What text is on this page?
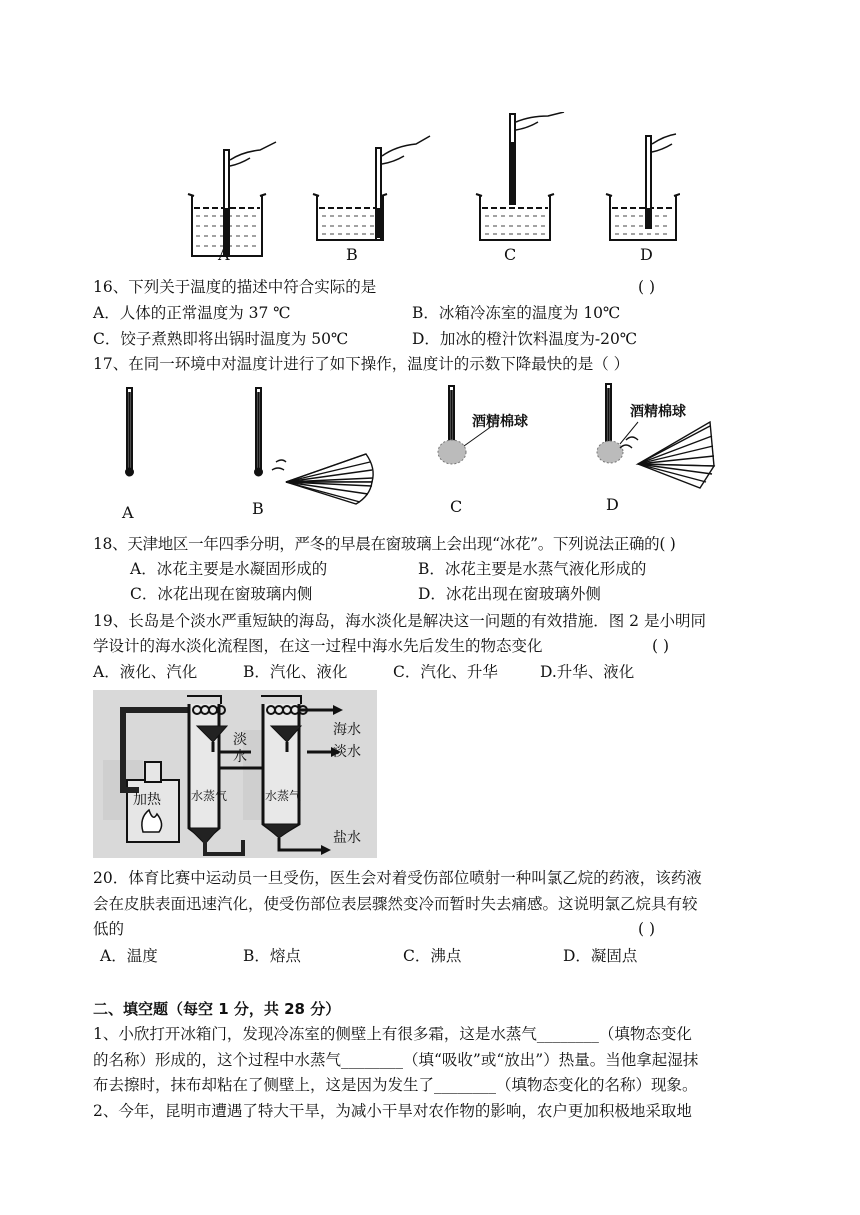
A	B	C	D
16、下列关于温度的描述中符合实际的是	( )
A．人体的正常温度为 37 ℃	B．冰箱冷冻室的温度为 10℃
C．饺子煮熟即将出锅时温度为 50℃	D．加冰的橙汁饮料温度为-20℃
17、在同一环境中对温度计进行了如下操作，温度计的示数下降最快的是（ ）
酒精棉球
酒精棉球
A	B	C	D
18、天津地区一年四季分明，严冬的早晨在窗玻璃上会出现“冰花”。下列说法正确的( )
A．冰花主要是水凝固形成的	B．冰花主要是水蒸气液化形成的
C．冰花出现在窗玻璃内侧	D．冰花出现在窗玻璃外侧
19、长岛是个淡水严重短缺的海岛，海水淡化是解决这一问题的有效措施．图 2 是小明同
学设计的海水淡化流程图，在这一过程中海水先后发生的物态变化	( )
A．液化、汽化	B．汽化、液化	C．汽化、升华	D.升华、液化
加热	水蒸气	水蒸气
淡水
海水
淡水
盐水
20．体育比赛中运动员一旦受伤，医生会对着受伤部位喷射一种叫氯乙烷的药液，该药液
会在皮肤表面迅速汽化，使受伤部位表层骤然变冷而暂时失去痛感。这说明氯乙烷具有较
低的	( )
A．温度	B．熔点	C．沸点	D．凝固点
二、填空题（每空 1 分，共 28 分）
1、小欣打开冰箱门，发现冷冻室的侧壁上有很多霜，这是水蒸气________（填物态变化
的名称）形成的，这个过程中水蒸气________（填“吸收”或“放出”）热量。当他拿起湿抹
布去擦时，抹布却粘在了侧壁上，这是因为发生了________（填物态变化的名称）现象。
2、今年，昆明市遭遇了特大干旱，为减小干旱对农作物的影响，农户更加积极地采取地
